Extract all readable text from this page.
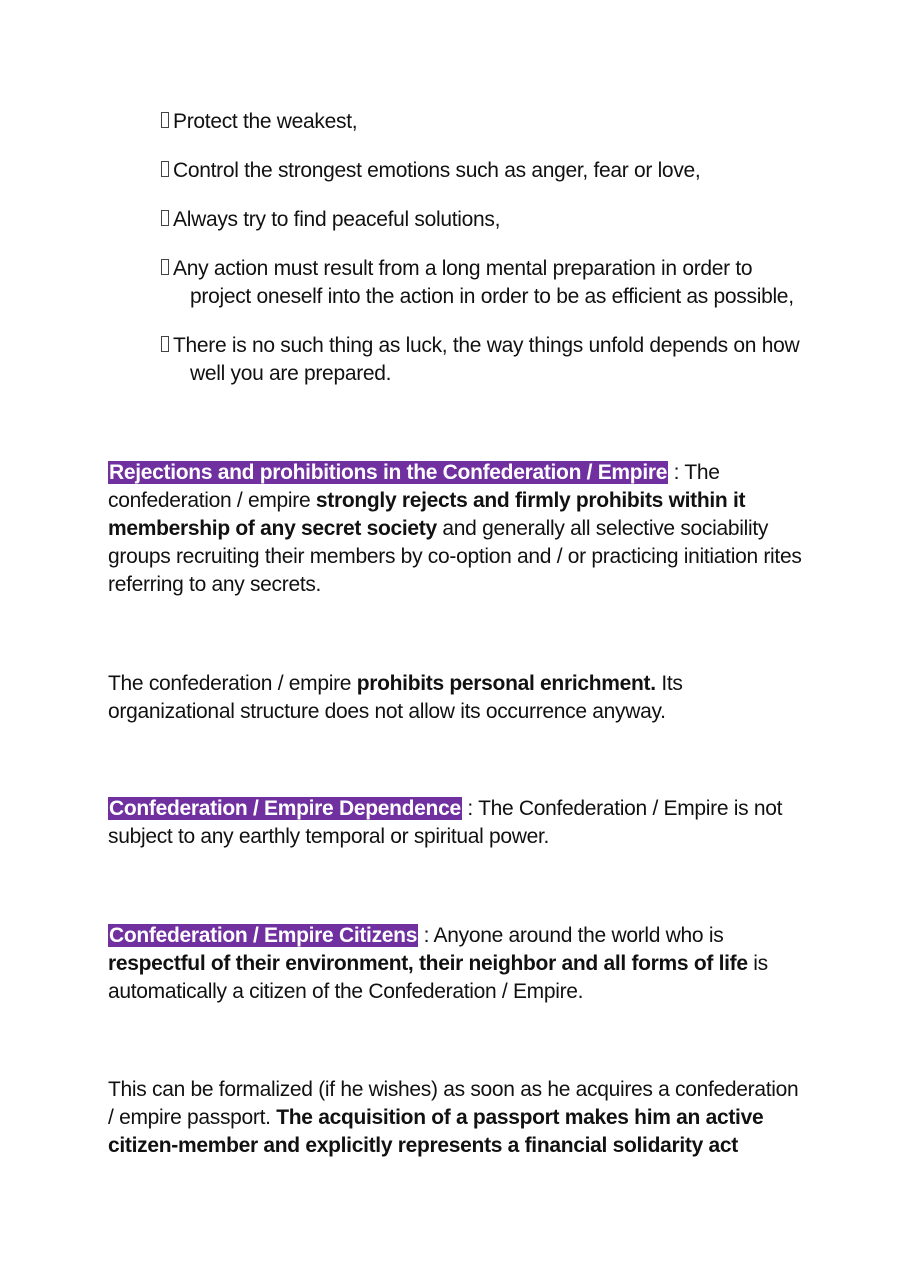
Protect the weakest,
Control the strongest emotions such as anger, fear or love,
Always try to find peaceful solutions,
Any action must result from a long mental preparation in order to
project oneself into the action in order to be as efficient as possible,
There is no such thing as luck, the way things unfold depends on how
well you are prepared.

Rejections and prohibitions in the Confederation / Empire : The confederation / empire strongly rejects and firmly prohibits within it membership of any secret society and generally all selective sociability groups recruiting their members by co-option and / or practicing initiation rites referring to any secrets.

The confederation / empire prohibits personal enrichment. Its organizational structure does not allow its occurrence anyway.

Confederation / Empire Dependence : The Confederation / Empire is not subject to any earthly temporal or spiritual power.

Confederation / Empire Citizens : Anyone around the world who is respectful of their environment, their neighbor and all forms of life is automatically a citizen of the Confederation / Empire.

This can be formalized (if he wishes) as soon as he acquires a confederation / empire passport. The acquisition of a passport makes him an active citizen-member and explicitly represents a financial solidarity act
